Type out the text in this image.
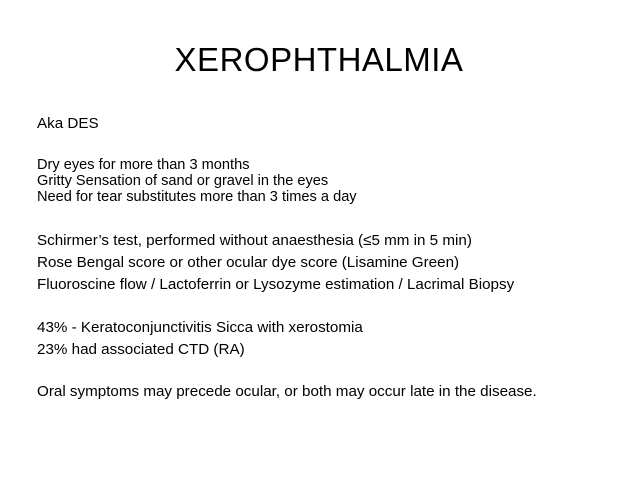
XEROPHTHALMIA
Aka DES
Dry eyes for more than 3 months
Gritty Sensation of sand or gravel in the eyes
Need for tear substitutes more than 3 times a day
Schirmer’s test, performed without anaesthesia (≤5 mm in 5 min)
Rose Bengal score or other ocular dye score (Lisamine Green)
Fluoroscine flow / Lactoferrin or Lysozyme estimation / Lacrimal Biopsy
43% - Keratoconjunctivitis Sicca with xerostomia
23% had associated CTD (RA)
Oral symptoms may precede ocular, or both may occur late in the disease.
